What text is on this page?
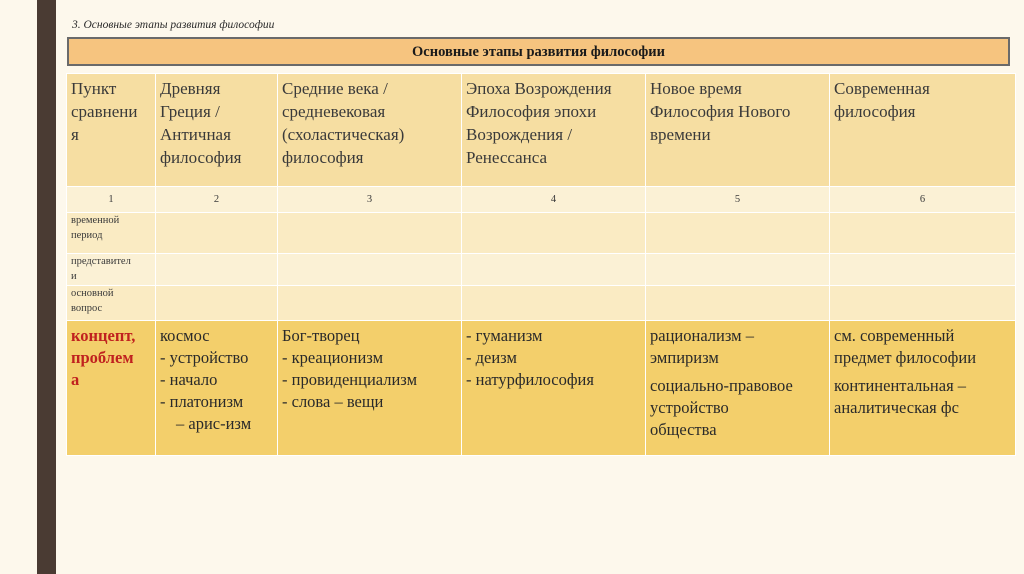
3. Основные этапы развития философии
Основные этапы развития философии
Пункт
сравнени
я	Древняя
Греция /
Античная
философия	Средние века /
средневековая
(схоластическая)
философия	Эпоха Возрождения
Философия эпохи
Возрождения /
Ренессанса	Новое время
Философия Нового
времени	Современная
философия

1	2	3	4	5	6

временной
период					

представител
и					

основной
вопрос					

концепт,
проблем
а	космос
- устройство
- начало
- платонизм
– арис-изм	Бог-творец
- креационизм
- провиденциализм
- слова – вещи	- гуманизм
- деизм
- натурфилософия	рационализм –
эмпиризм
социально-правовое
устройство
общества	см. современный
предмет философии
континентальная –
аналитическая фс
